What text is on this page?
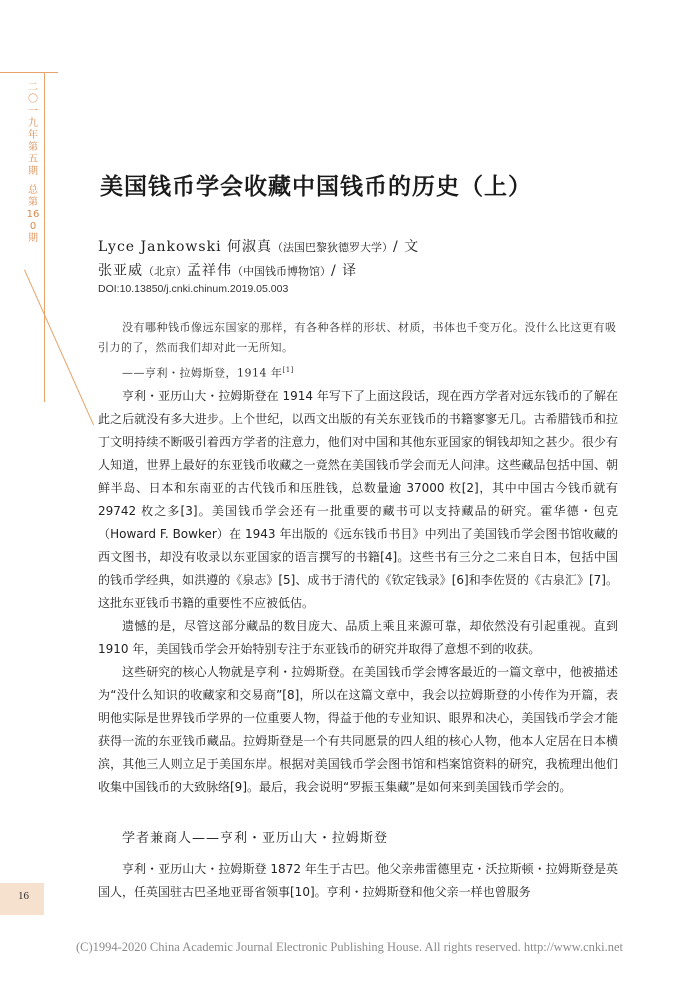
二〇一九年第五期
总第160期
美国钱币学会收藏中国钱币的历史（上）
Lyce Jankowski 何淑真（法国巴黎狄德罗大学）/ 文
张亚威（北京）孟祥伟（中国钱币博物馆）/ 译
DOI:10.13850/j.cnki.chinum.2019.05.003

没有哪种钱币像远东国家的那样，有各种各样的形状、材质，书体也千变万化。没什么比这更有吸引力的了，然而我们却对此一无所知。

——亨利・拉姆斯登，1914 年[1]

亨利・亚历山大・拉姆斯登在 1914 年写下了上面这段话，现在西方学者对远东钱币的了解在此之后就没有多大进步。上个世纪，以西文出版的有关东亚钱币的书籍寥寥无几。古希腊钱币和拉丁文明持续不断吸引着西方学者的注意力，他们对中国和其他东亚国家的铜钱却知之甚少。很少有人知道，世界上最好的东亚钱币收藏之一竟然在美国钱币学会而无人问津。这些藏品包括中国、朝鲜半岛、日本和东南亚的古代钱币和压胜钱，总数量逾 37000 枚[2]，其中中国古今钱币就有 29742 枚之多[3]。美国钱币学会还有一批重要的藏书可以支持藏品的研究。霍华德・包克（Howard F. Bowker）在 1943 年出版的《远东钱币书目》中列出了美国钱币学会图书馆收藏的西文图书，却没有收录以东亚国家的语言撰写的书籍[4]。这些书有三分之二来自日本，包括中国的钱币学经典，如洪遵的《泉志》[5]、成书于清代的《钦定钱录》[6]和李佐贤的《古泉汇》[7]。这批东亚钱币书籍的重要性不应被低估。

遗憾的是，尽管这部分藏品的数目庞大、品质上乘且来源可靠，却依然没有引起重视。直到 1910 年，美国钱币学会开始特别专注于东亚钱币的研究并取得了意想不到的收获。

这些研究的核心人物就是亨利・拉姆斯登。在美国钱币学会博客最近的一篇文章中，他被描述为“没什么知识的收藏家和交易商”[8]，所以在这篇文章中，我会以拉姆斯登的小传作为开篇，表明他实际是世界钱币学界的一位重要人物，得益于他的专业知识、眼界和决心，美国钱币学会才能获得一流的东亚钱币藏品。拉姆斯登是一个有共同愿景的四人组的核心人物，他本人定居在日本横滨，其他三人则立足于美国东岸。根据对美国钱币学会图书馆和档案馆资料的研究，我梳理出他们收集中国钱币的大致脉络[9]。最后，我会说明“罗振玉集藏”是如何来到美国钱币学会的。

学者兼商人——亨利・亚历山大・拉姆斯登

亨利・亚历山大・拉姆斯登 1872 年生于古巴。他父亲弗雷德里克・沃拉斯顿・拉姆斯登是英国人，任英国驻古巴圣地亚哥省领事[10]。亨利・拉姆斯登和他父亲一样也曾服务

16
(C)1994-2020 China Academic Journal Electronic Publishing House. All rights reserved. http://www.cnki.net
